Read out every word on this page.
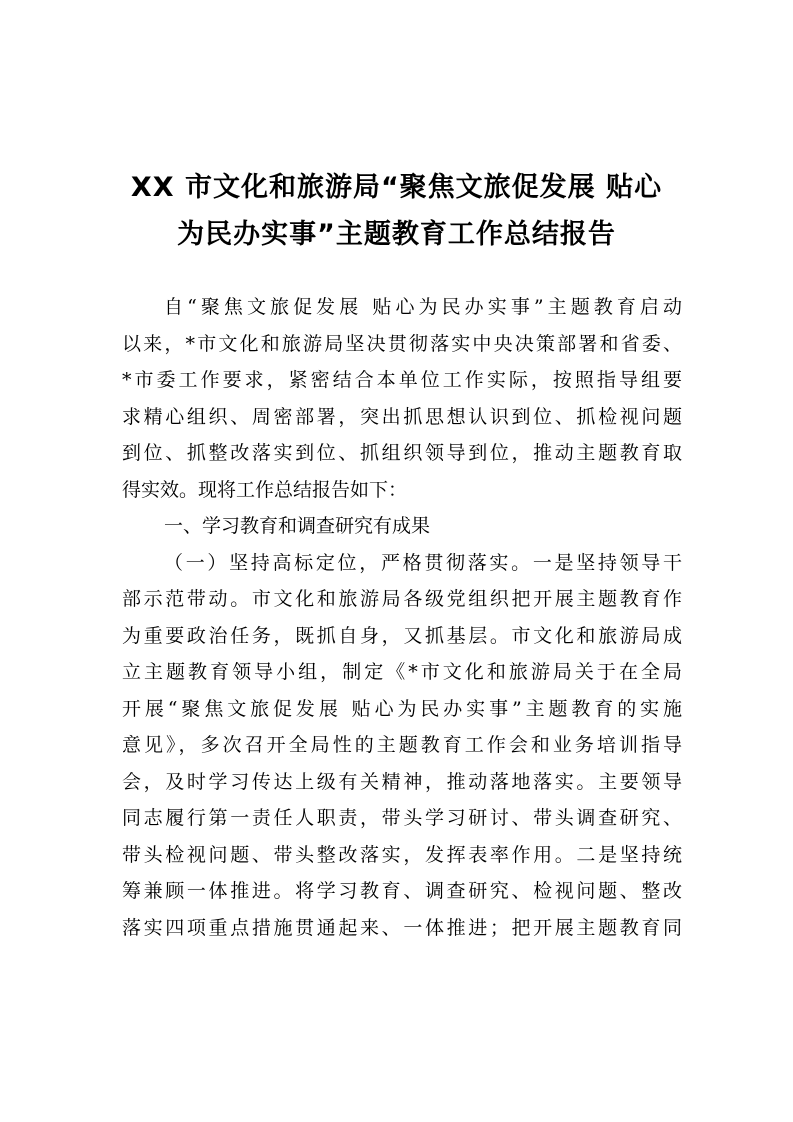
XX 市文化和旅游局“聚焦文旅促发展 贴心
为民办实事”主题教育工作总结报告
自“聚焦文旅促发展 贴心为民办实事”主题教育启动
以来，*市文化和旅游局坚决贯彻落实中央决策部署和省委、
*市委工作要求，紧密结合本单位工作实际，按照指导组要
求精心组织、周密部署，突出抓思想认识到位、抓检视问题
到位、抓整改落实到位、抓组织领导到位，推动主题教育取
得实效。现将工作总结报告如下：
一、学习教育和调查研究有成果
（一）坚持高标定位，严格贯彻落实。一是坚持领导干
部示范带动。市文化和旅游局各级党组织把开展主题教育作
为重要政治任务，既抓自身，又抓基层。市文化和旅游局成
立主题教育领导小组，制定《*市文化和旅游局关于在全局
开展“聚焦文旅促发展 贴心为民办实事”主题教育的实施
意见》，多次召开全局性的主题教育工作会和业务培训指导
会，及时学习传达上级有关精神，推动落地落实。主要领导
同志履行第一责任人职责，带头学习研讨、带头调查研究、
带头检视问题、带头整改落实，发挥表率作用。二是坚持统
筹兼顾一体推进。将学习教育、调查研究、检视问题、整改
落实四项重点措施贯通起来、一体推进；把开展主题教育同
